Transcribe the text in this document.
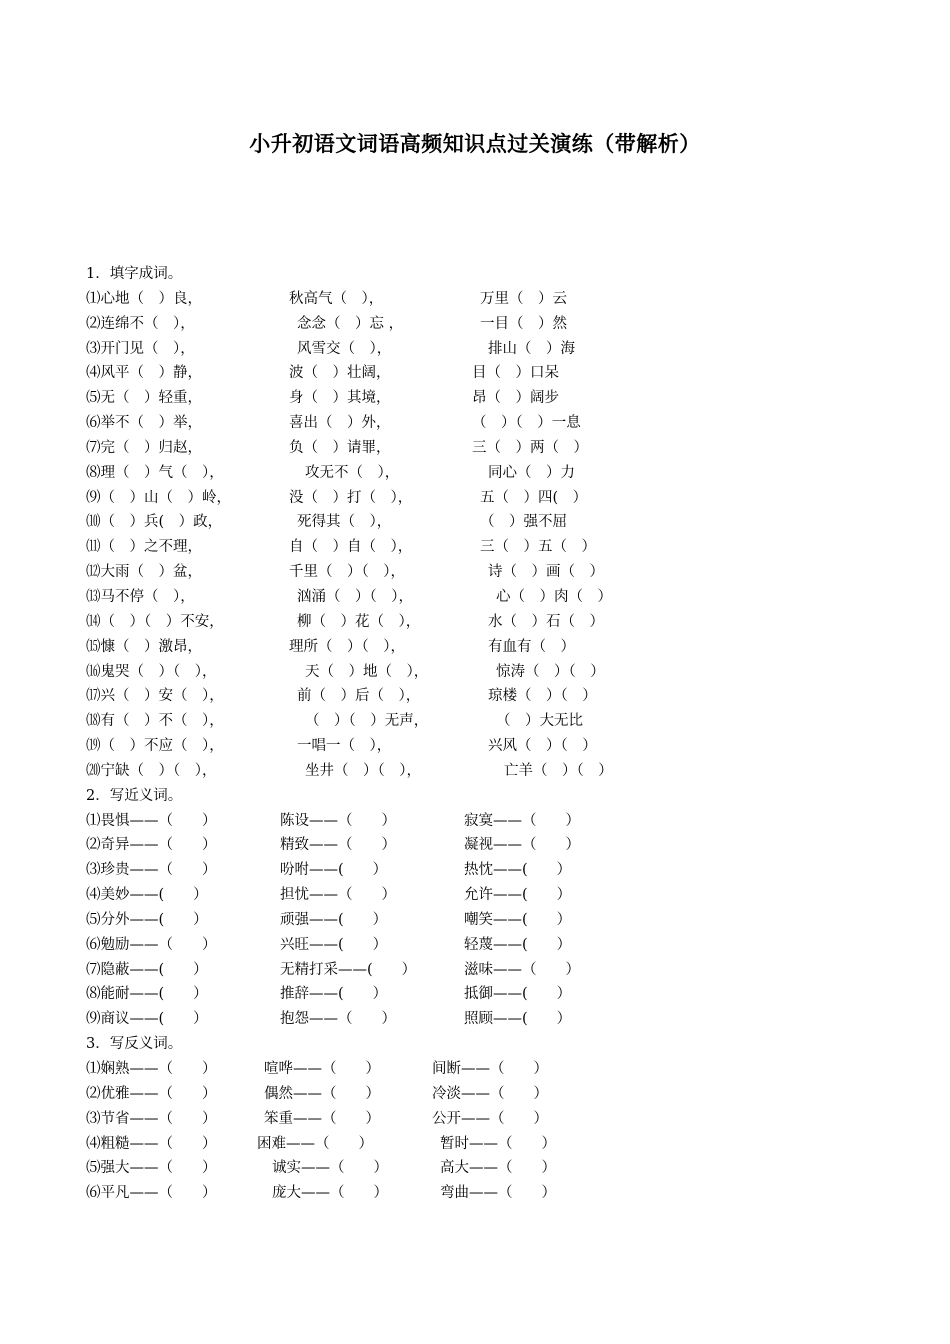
小升初语文词语高频知识点过关演练（带解析）
1．填字成词。
⑴心地（　）良，	秋高气（　），	万里（　）云
⑵连绵不（　），	念念（　）忘 ，	一目（　）然
⑶开门见（　），	风雪交（　），	排山（　）海
⑷风平（　）静，	波（　）壮阔，	目（　）口呆
⑸无（　）轻重，	身（　）其境，	昂（　）阔步
⑹举不（　）举，	喜出（　）外，	（　）（　）一息
⑺完（　）归赵，	负（　）请罪，	三（　）两（　）
⑻理（　）气（　），	攻无不（　），	同心（　）力
⑼（　）山（　）岭，	没（　）打（　），	五（　）四(　）
⑽（　）兵(　）政，	死得其（　），	（　）强不屈
⑾（　）之不理，	自（　）自（　），	三（　）五（　）
⑿大雨（　）盆，	千里（　）（　），	诗（　）画（　）
⒀马不停（　），	汹涌（　）（　），	心（　）肉（　）
⒁（　）（　）不安，	柳（　）花（　），	水（　）石（　）
⒂慷（　）激昂，	理所（　）（　），	有血有（　）
⒃鬼哭（　）（　），	天（　）地（　），	惊涛（　）（　）
⒄兴（　）安（　），	前（　）后（　），	琼楼（　）（　）
⒅有（　）不（　），	（　）（　）无声，	（　）大无比
⒆（　）不应（　），	一唱一（　），	兴风（　）（　）
⒇宁缺（　）（　），	坐井（　）（　），	亡羊（　）（　）
2．写近义词。
⑴畏惧——（　　）	陈设——（　　）	寂寞——（　　）
⑵奇异——（　　）	精致——（　　）	凝视——（　　）
⑶珍贵——（　　）	吩咐——(　　）	热忱——(　　）
⑷美妙——(　　）	担忧——（　　）	允许——(　　）
⑸分外——(　　）	顽强——(　　）	嘲笑——(　　）
⑹勉励——（　　）	兴旺——(　　）	轻蔑——(　　）
⑺隐蔽——(　　）	无精打采——(　　）	滋味——（　　）
⑻能耐——(　　）	推辞——(　　）	抵御——(　　）
⑼商议——(　　）	抱怨——（　　）	照顾——(　　）
3．写反义词。
⑴娴熟——（　　）	喧哗——（　　）	间断——（　　）
⑵优雅——（　　）	偶然——（　　）	冷淡——（　　）
⑶节省——（　　）	笨重——（　　）	公开——（　　）
⑷粗糙——（　　）	困难——（　　）	暂时——（　　）
⑸强大——（　　）	诚实——（　　）	高大——（　　）
⑹平凡——（　　）	庞大——（　　）	弯曲——（　　）
